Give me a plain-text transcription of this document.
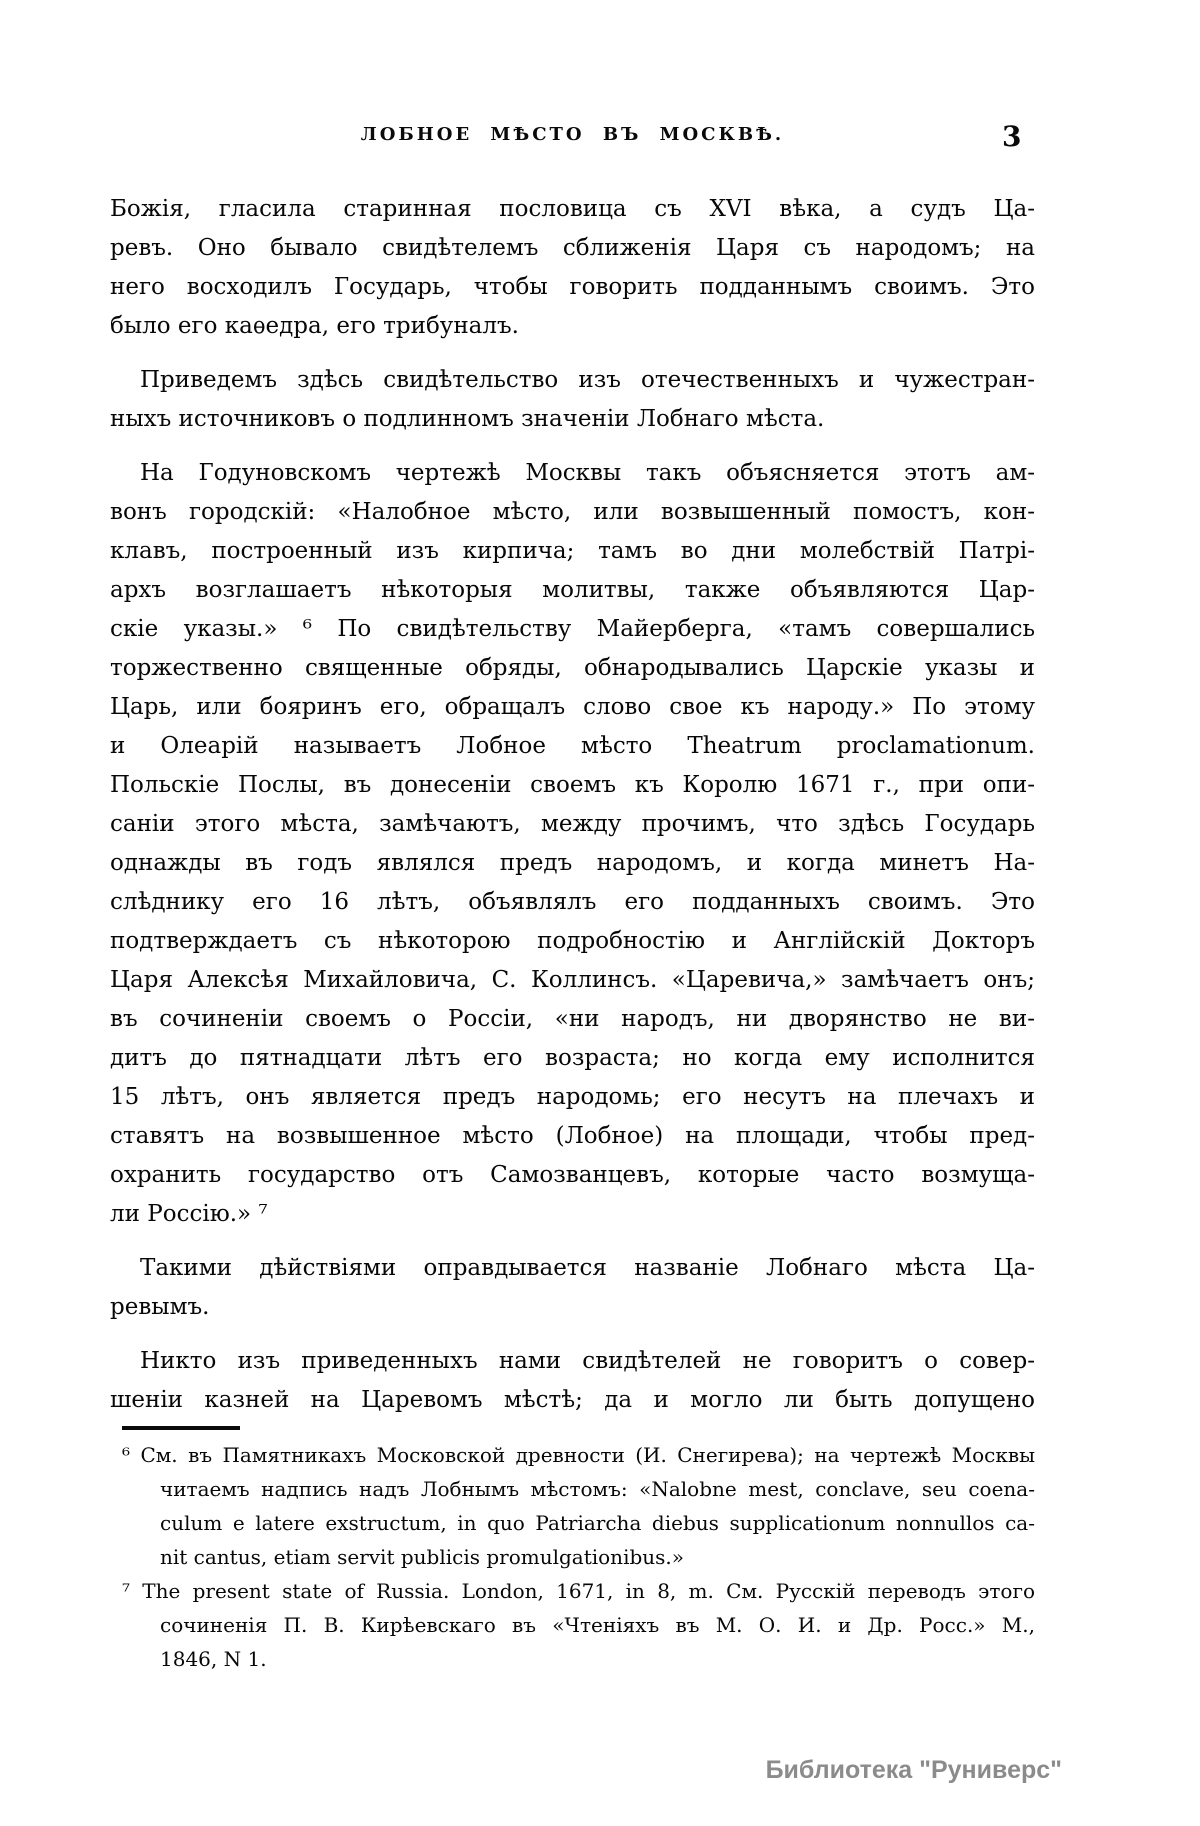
ЛОБНОЕ МѢСТО ВЪ МОСКВѢ.	3
Божія, гласила старинная пословица съ XVI вѣка, а судъ Ца-
ревъ. Оно бывало свидѣтелемъ сближенія Царя съ народомъ; на
него восходилъ Государь, чтобы говорить подданнымъ своимъ. Это
было его каѳедра, его трибуналъ.
Приведемъ здѣсь свидѣтельство изъ отечественныхъ и чужестран-
ныхъ источниковъ о подлинномъ значеніи Лобнаго мѣста.
На Годуновскомъ чертежѣ Москвы такъ объясняется этотъ ам-
вонъ городскій: «Налобное мѣсто, или возвышенный помостъ, кон-
клавъ, построенный изъ кирпича; тамъ во дни молебствій Патрі-
архъ возглашаетъ нѣкоторыя молитвы, также объявляются Цар-
скіе указы.» ⁶ По свидѣтельству Майерберга, «тамъ совершались
торжественно священные обряды, обнародывались Царскіе указы и
Царь, или бояринъ его, обращалъ слово свое къ народу.» По этому
и Олеарій называетъ Лобное мѣсто Theatrum proclamationum.
Польскіе Послы, въ донесеніи своемъ къ Королю 1671 г., при опи-
саніи этого мѣста, замѣчаютъ, между прочимъ, что здѣсь Государь
однажды въ годъ являлся предъ народомъ, и когда минетъ На-
слѣднику его 16 лѣтъ, объявлялъ его подданныхъ своимъ. Это
подтверждаетъ съ нѣкоторою подробностію и Англійскій Докторъ
Царя Алексѣя Михайловича, С. Коллинсъ. «Царевича,» замѣчаетъ онъ;
въ сочиненіи своемъ о Россіи, «ни народъ, ни дворянство не ви-
дитъ до пятнадцати лѣтъ его возраста; но когда ему исполнится
15 лѣтъ, онъ является предъ народомь; его несутъ на плечахъ и
ставятъ на возвышенное мѣсто (Лобное) на площади, чтобы пред-
охранить государство отъ Самозванцевъ, которые часто возмуща-
ли Россію.» ⁷
Такими дѣйствіями оправдывается названіе Лобнаго мѣста Ца-
ревымъ.
Никто изъ приведенныхъ нами свидѣтелей не говоритъ о совер-
шеніи казней на Царевомъ мѣстѣ; да и могло ли быть допущено
⁶ См. въ Памятникахъ Московской древности (И. Снегирева); на чертежѣ Москвы
читаемъ надпись надъ Лобнымъ мѣстомъ: «Nalobne mest, conclave, seu coena-
culum e latere exstructum, in quo Patriarcha diebus supplicationum nonnullos ca-
nit cantus, etiam servit publicis promulgationibus.»
⁷ The present state of Russia. London, 1671, in 8, m. См. Русскій переводъ этого
сочиненія П. В. Кирѣевскаго въ «Чтеніяхъ въ М. О. И. и Др. Росс.» М.,
1846, N 1.
Библиотека "Руниверс"
